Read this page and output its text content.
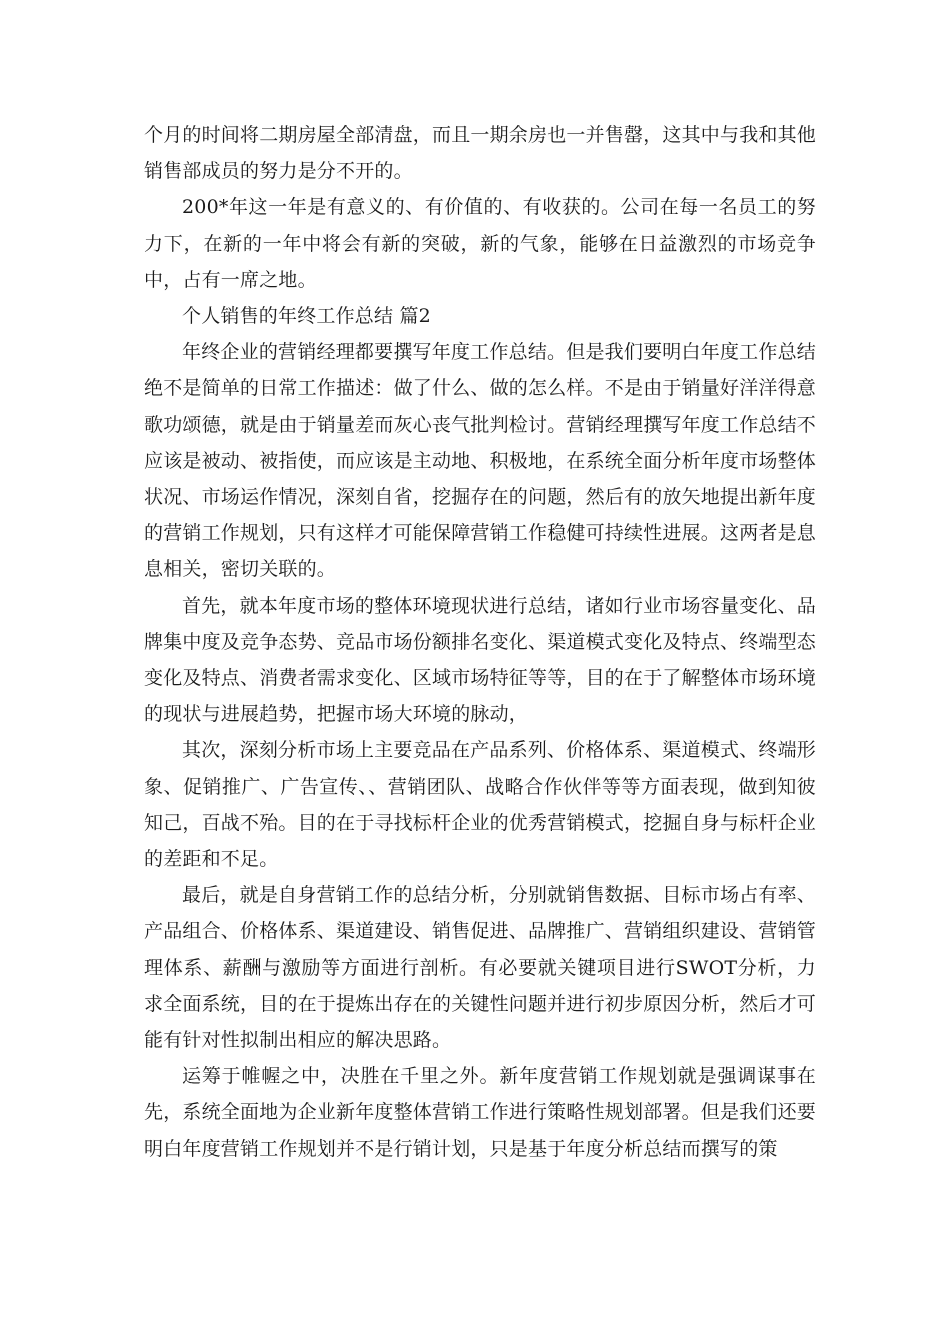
个月的时间将二期房屋全部清盘，而且一期余房也一并售罄，这其中与我和其他销售部成员的努力是分不开的。

200*年这一年是有意义的、有价值的、有收获的。公司在每一名员工的努力下，在新的一年中将会有新的突破，新的气象，能够在日益激烈的市场竞争中，占有一席之地。

个人销售的年终工作总结 篇2

年终企业的营销经理都要撰写年度工作总结。但是我们要明白年度工作总结绝不是简单的日常工作描述：做了什么、做的怎么样。不是由于销量好洋洋得意歌功颂德，就是由于销量差而灰心丧气批判检讨。营销经理撰写年度工作总结不应该是被动、被指使，而应该是主动地、积极地，在系统全面分析年度市场整体状况、市场运作情况，深刻自省，挖掘存在的问题，然后有的放矢地提出新年度的营销工作规划，只有这样才可能保障营销工作稳健可持续性进展。这两者是息息相关，密切关联的。

首先，就本年度市场的整体环境现状进行总结，诸如行业市场容量变化、品牌集中度及竞争态势、竞品市场份额排名变化、渠道模式变化及特点、终端型态变化及特点、消费者需求变化、区域市场特征等等，目的在于了解整体市场环境的现状与进展趋势，把握市场大环境的脉动，

其次，深刻分析市场上主要竞品在产品系列、价格体系、渠道模式、终端形象、促销推广、广告宣传、、营销团队、战略合作伙伴等等方面表现，做到知彼知己，百战不殆。目的在于寻找标杆企业的优秀营销模式，挖掘自身与标杆企业的差距和不足。

最后，就是自身营销工作的总结分析，分别就销售数据、目标市场占有率、产品组合、价格体系、渠道建设、销售促进、品牌推广、营销组织建设、营销管理体系、薪酬与激励等方面进行剖析。有必要就关键项目进行SWOT分析，力求全面系统，目的在于提炼出存在的关键性问题并进行初步原因分析，然后才可能有针对性拟制出相应的解决思路。

运筹于帷幄之中，决胜在千里之外。新年度营销工作规划就是强调谋事在先，系统全面地为企业新年度整体营销工作进行策略性规划部署。但是我们还要明白年度营销工作规划并不是行销计划，只是基于年度分析总结而撰写的策
